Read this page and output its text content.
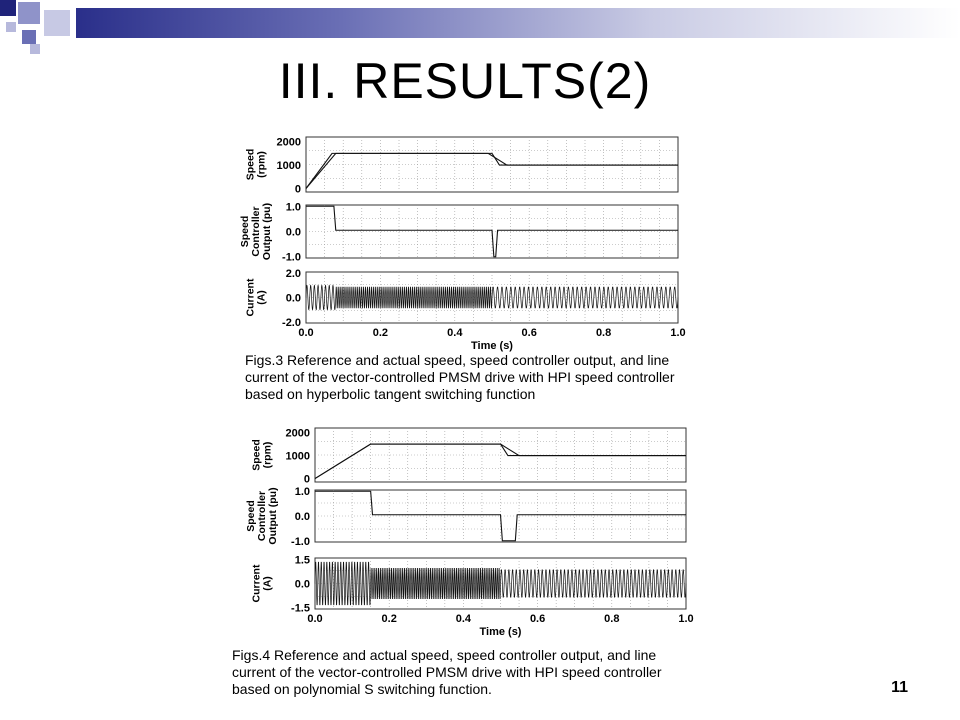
III. RESULTS(2)
2000
1000
0
Speed(rpm)
1.0
0.0
-1.0
SpeedControllerOutput (pu)
2.0
0.0
-2.0
Current(A)
0.0	0.2	0.4	0.6	0.8	1.0
Time (s)
Figs.3 Reference and actual speed, speed controller output, and line current of the vector-controlled PMSM drive with HPI speed controller based on hyperbolic tangent switching function
2000
1000
0
Speed(rpm)
1.0
0.0
-1.0
SpeedControllerOutput (pu)
1.5
0.0
-1.5
Current(A)
0.0	0.2	0.4	0.6	0.8	1.0
Time (s)
Figs.4 Reference and actual speed, speed controller output, and line current of the vector-controlled PMSM drive with HPI speed controller based on polynomial S switching function.	11
